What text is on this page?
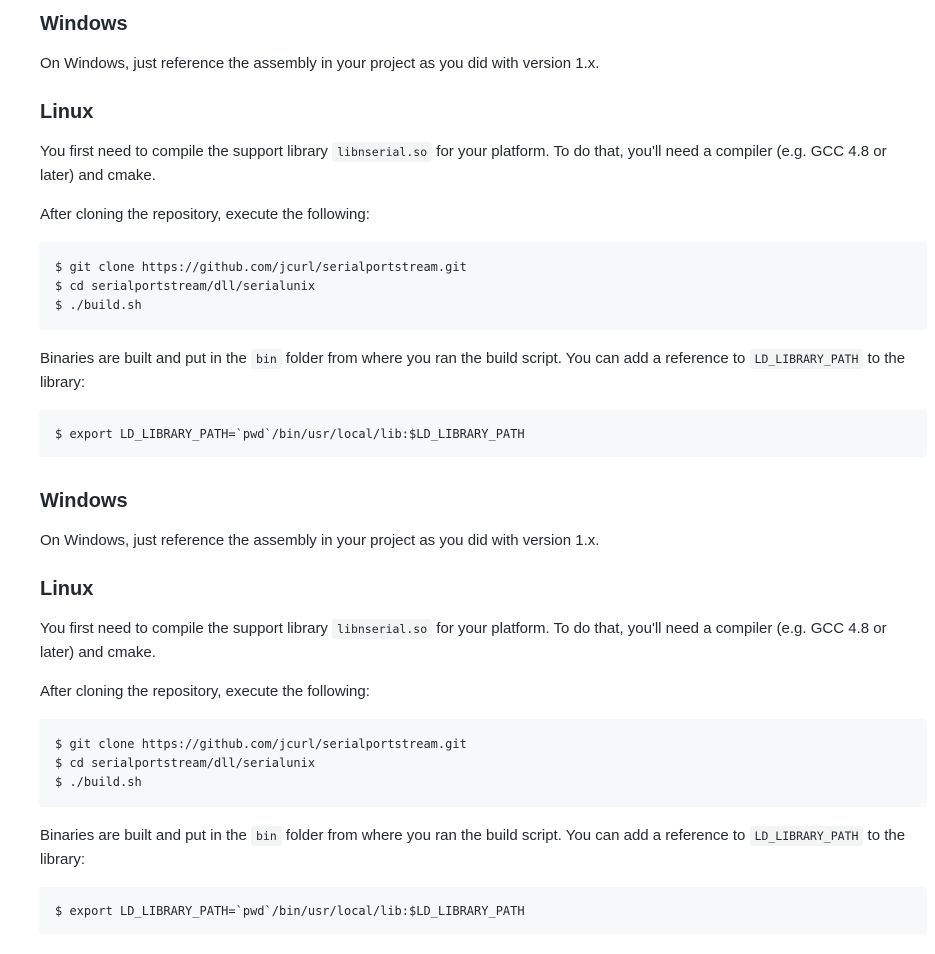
Windows

On Windows, just reference the assembly in your project as you did with version 1.x.

Linux

You first need to compile the support library libnserial.so for your platform. To do that, you'll need a compiler (e.g. GCC 4.8 or later) and cmake.

After cloning the repository, execute the following:

$ git clone https://github.com/jcurl/serialportstream.git
$ cd serialportstream/dll/serialunix
$ ./build.sh

Binaries are built and put in the bin folder from where you ran the build script. You can add a reference to LD_LIBRARY_PATH to the library:

$ export LD_LIBRARY_PATH=`pwd`/bin/usr/local/lib:$LD_LIBRARY_PATH
Windows

On Windows, just reference the assembly in your project as you did with version 1.x.

Linux

You first need to compile the support library libnserial.so for your platform. To do that, you'll need a compiler (e.g. GCC 4.8 or later) and cmake.

After cloning the repository, execute the following:

$ git clone https://github.com/jcurl/serialportstream.git
$ cd serialportstream/dll/serialunix
$ ./build.sh

Binaries are built and put in the bin folder from where you ran the build script. You can add a reference to LD_LIBRARY_PATH to the library:

$ export LD_LIBRARY_PATH=`pwd`/bin/usr/local/lib:$LD_LIBRARY_PATH
